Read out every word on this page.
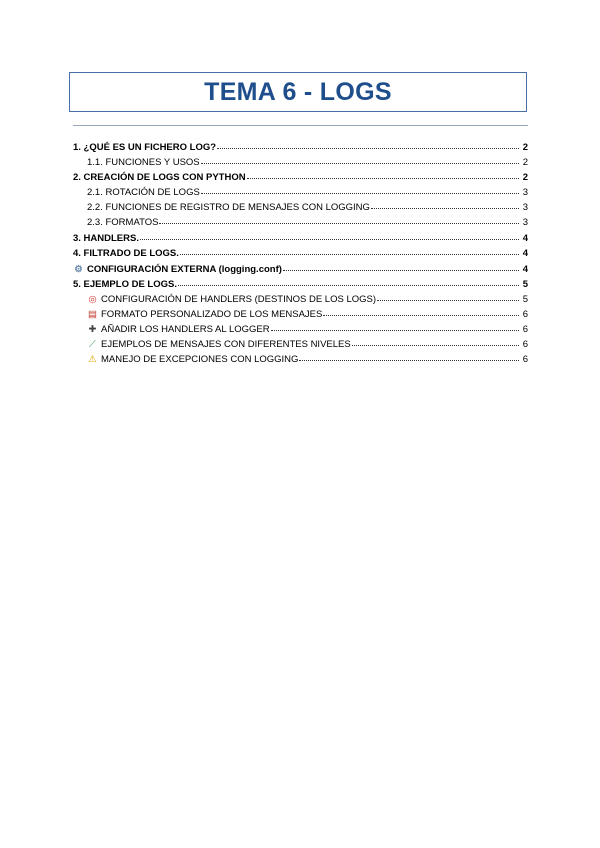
TEMA 6 - LOGS
1. ¿QUÉ ES UN FICHERO LOG?	2
1.1. FUNCIONES Y USOS	2
2. CREACIÓN DE LOGS CON PYTHON	2
2.1. ROTACIÓN DE LOGS	3
2.2. FUNCIONES DE REGISTRO DE MENSAJES CON LOGGING	3
2.3. FORMATOS	3
3. HANDLERS.	4
4. FILTRADO DE LOGS.	4
⚙ CONFIGURACIÓN EXTERNA (logging.conf)	4
5. EJEMPLO DE LOGS.	5
◎ CONFIGURACIÓN DE HANDLERS (DESTINOS DE LOS LOGS)	5
▤ FORMATO PERSONALIZADO DE LOS MENSAJES	6
✚ AÑADIR LOS HANDLERS AL LOGGER	6
⟋ EJEMPLOS DE MENSAJES CON DIFERENTES NIVELES	6
⚠ MANEJO DE EXCEPCIONES CON LOGGING	6
